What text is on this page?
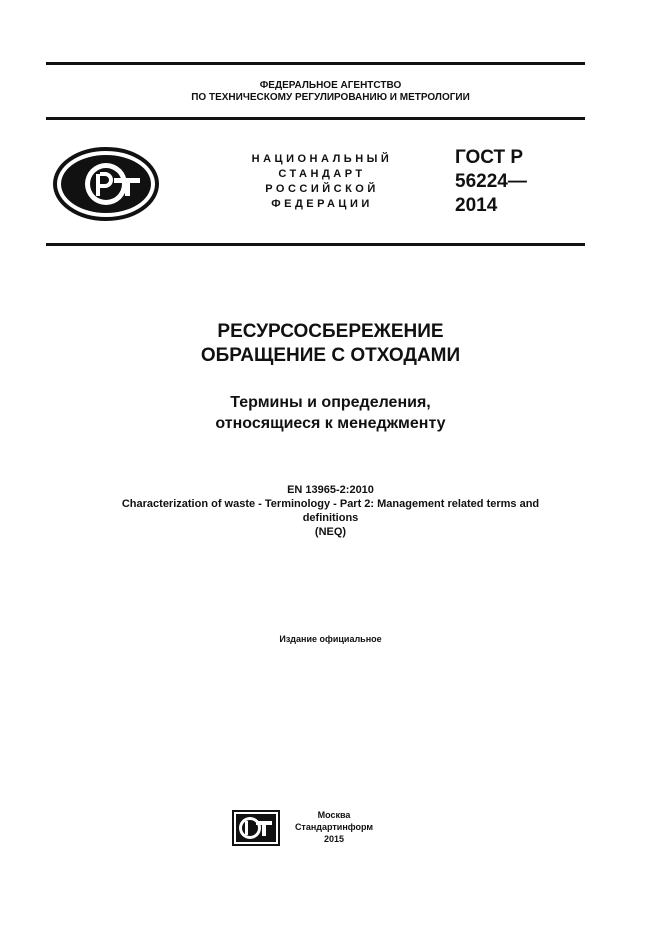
ФЕДЕРАЛЬНОЕ АГЕНТСТВО
ПО ТЕХНИЧЕСКОМУ РЕГУЛИРОВАНИЮ И МЕТРОЛОГИИ
НАЦИОНАЛЬНЫЙ
СТАНДАРТ
РОССИЙСКОЙ
ФЕДЕРАЦИИ
ГОСТ Р
56224—
2014
РЕСУРСОСБЕРЕЖЕНИЕ
ОБРАЩЕНИЕ С ОТХОДАМИ
Термины и определения,
относящиеся к менеджменту
EN 13965-2:2010
Characterization of waste - Terminology - Part 2: Management related terms and
definitions
(NEQ)
Издание официальное
Москва
Стандартинформ
2015
